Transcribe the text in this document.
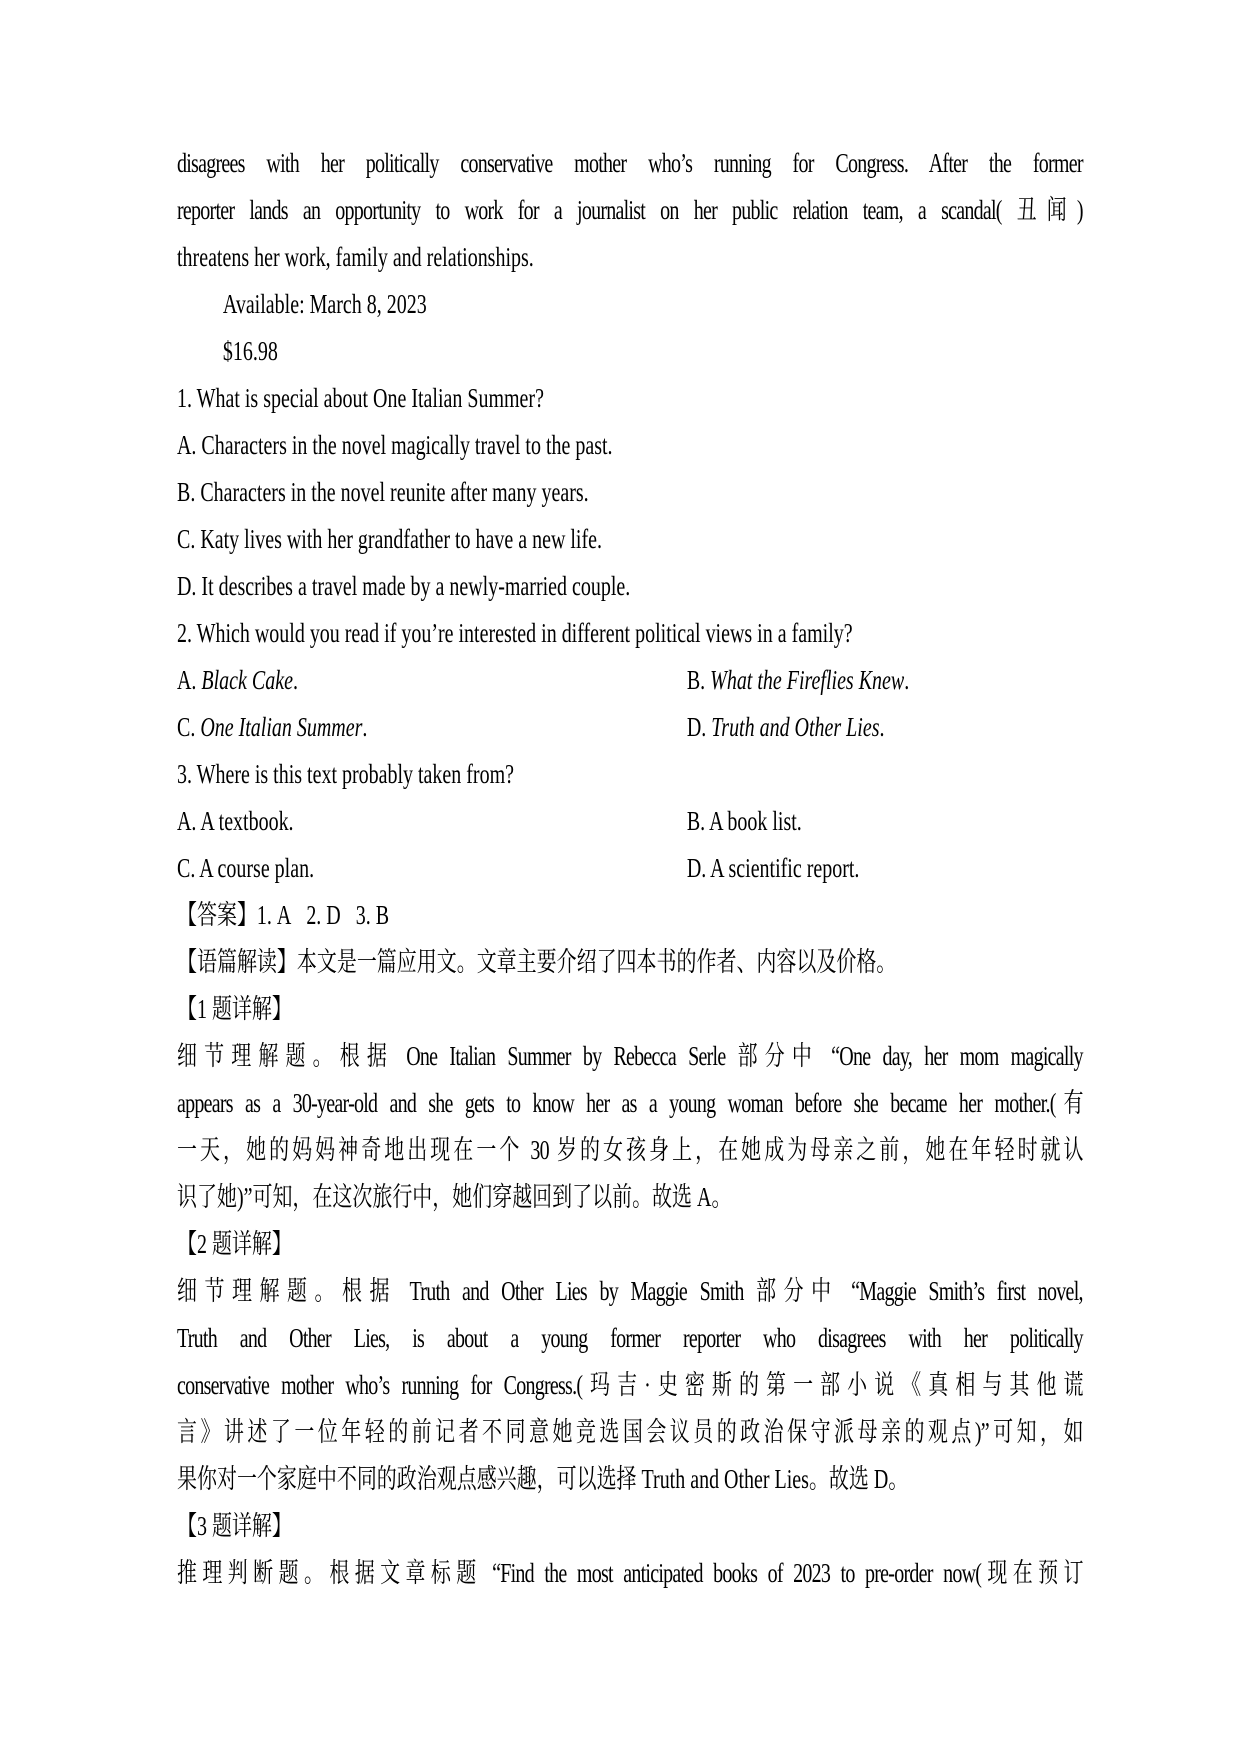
disagrees with her politically conservative mother who’s running for Congress. After the former
reporter lands an opportunity to work for a journalist on her public relation team, a scandal( 丑闻)
threatens her work, family and relationships.
Available: March 8, 2023
$16.98
1. What is special about One Italian Summer?
A. Characters in the novel magically travel to the past.
B. Characters in the novel reunite after many years.
C. Katy lives with her grandfather to have a new life.
D. It describes a travel made by a newly-married couple.
2. Which would you read if you’re interested in different political views in a family?
A. Black Cake.	B. What the Fireflies Knew.
C. One Italian Summer.	D. Truth and Other Lies.
3. Where is this text probably taken from?
A. A textbook.	B. A book list.
C. A course plan.	D. A scientific report.
【答案】1. A   2. D   3. B
【语篇解读】本文是一篇应用文。文章主要介绍了四本书的作者、内容以及价格。
【1 题详解】
细节理解题。根据 One Italian Summer by Rebecca Serle 部分中 “One day, her mom magically
appears as a 30-year-old and she gets to know her as a young woman before she became her mother.(有
一天，她的妈妈神奇地出现在一个 30 岁的女孩身上，在她成为母亲之前，她在年轻时就认
识了她)”可知，在这次旅行中，她们穿越回到了以前。故选 A。
【2 题详解】
细节理解题。根据 Truth and Other Lies by Maggie Smith 部分中 “Maggie Smith’s first novel,
Truth and Other Lies, is about a young former reporter who disagrees with her politically
conservative mother who’s running for Congress.(玛吉·史密斯的第一部小说《真相与其他谎
言》讲述了一位年轻的前记者不同意她竞选国会议员的政治保守派母亲的观点)”可知，如
果你对一个家庭中不同的政治观点感兴趣，可以选择 Truth and Other Lies。故选 D。
【3 题详解】
推理判断题。根据文章标题 “Find the most anticipated books of 2023 to pre-order now(现在预订
